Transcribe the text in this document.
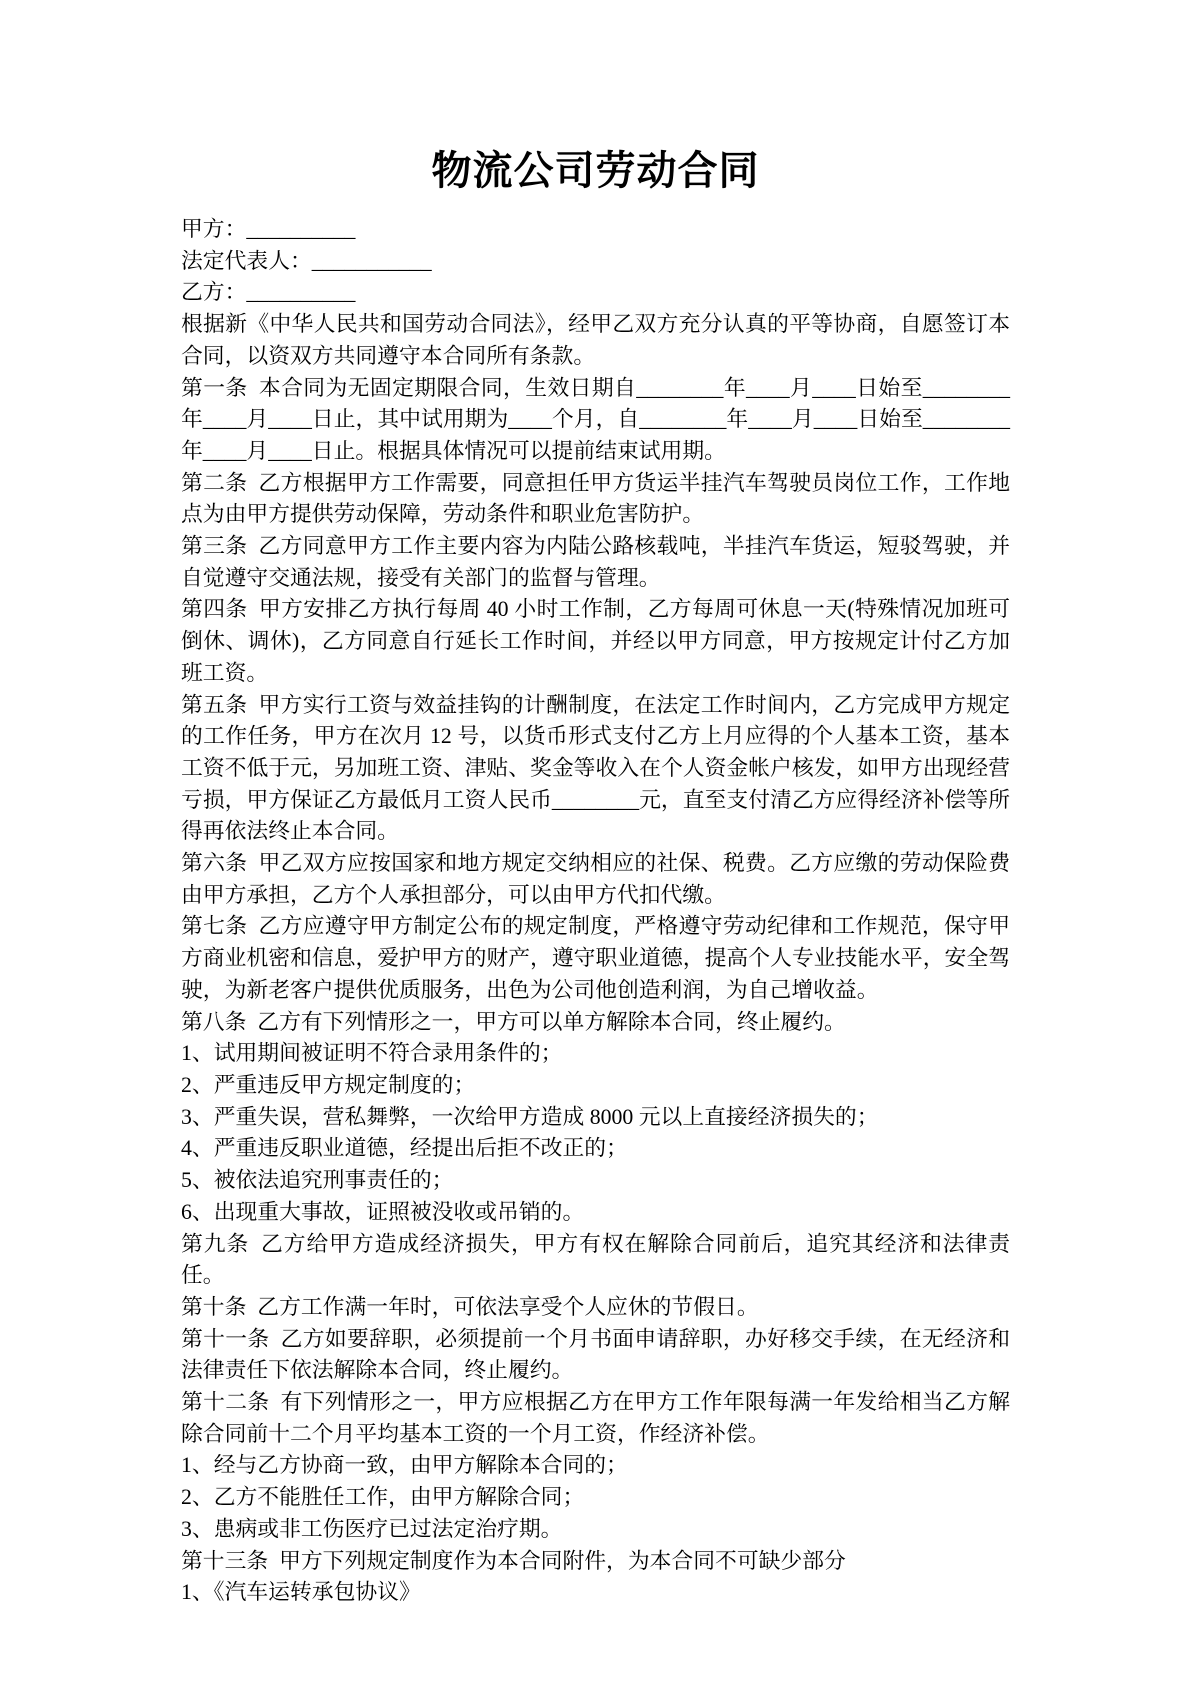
物流公司劳动合同

甲方：__________

法定代表人：___________

乙方：__________

根据新《中华人民共和国劳动合同法》，经甲乙双方充分认真的平等协商，自愿签订本合同，以资双方共同遵守本合同所有条款。

第一条 本合同为无固定期限合同，生效日期自________年____月____日始至________年____月____日止，其中试用期为____个月，自________年____月____日始至________年____月____日止。根据具体情况可以提前结束试用期。

第二条 乙方根据甲方工作需要，同意担任甲方货运半挂汽车驾驶员岗位工作，工作地点为由甲方提供劳动保障，劳动条件和职业危害防护。

第三条 乙方同意甲方工作主要内容为内陆公路核载吨，半挂汽车货运，短驳驾驶，并自觉遵守交通法规，接受有关部门的监督与管理。

第四条 甲方安排乙方执行每周 40 小时工作制，乙方每周可休息一天(特殊情况加班可倒休、调休)，乙方同意自行延长工作时间，并经以甲方同意，甲方按规定计付乙方加班工资。

第五条 甲方实行工资与效益挂钩的计酬制度，在法定工作时间内，乙方完成甲方规定的工作任务，甲方在次月 12 号，以货币形式支付乙方上月应得的个人基本工资，基本工资不低于元，另加班工资、津贴、奖金等收入在个人资金帐户核发，如甲方出现经营亏损，甲方保证乙方最低月工资人民币________元，直至支付清乙方应得经济补偿等所得再依法终止本合同。

第六条 甲乙双方应按国家和地方规定交纳相应的社保、税费。乙方应缴的劳动保险费由甲方承担，乙方个人承担部分，可以由甲方代扣代缴。

第七条 乙方应遵守甲方制定公布的规定制度，严格遵守劳动纪律和工作规范，保守甲方商业机密和信息，爱护甲方的财产，遵守职业道德，提高个人专业技能水平，安全驾驶，为新老客户提供优质服务，出色为公司他创造利润，为自己增收益。

第八条 乙方有下列情形之一，甲方可以单方解除本合同，终止履约。

1、试用期间被证明不符合录用条件的；

2、严重违反甲方规定制度的；

3、严重失误，营私舞弊，一次给甲方造成 8000 元以上直接经济损失的；

4、严重违反职业道德，经提出后拒不改正的；

5、被依法追究刑事责任的；

6、出现重大事故，证照被没收或吊销的。

第九条 乙方给甲方造成经济损失，甲方有权在解除合同前后，追究其经济和法律责任。

第十条 乙方工作满一年时，可依法享受个人应休的节假日。

第十一条 乙方如要辞职，必须提前一个月书面申请辞职，办好移交手续，在无经济和法律责任下依法解除本合同，终止履约。

第十二条 有下列情形之一，甲方应根据乙方在甲方工作年限每满一年发给相当乙方解除合同前十二个月平均基本工资的一个月工资，作经济补偿。

1、经与乙方协商一致，由甲方解除本合同的；

2、乙方不能胜任工作，由甲方解除合同；

3、患病或非工伤医疗已过法定治疗期。

第十三条 甲方下列规定制度作为本合同附件，为本合同不可缺少部分

1、《汽车运转承包协议》
